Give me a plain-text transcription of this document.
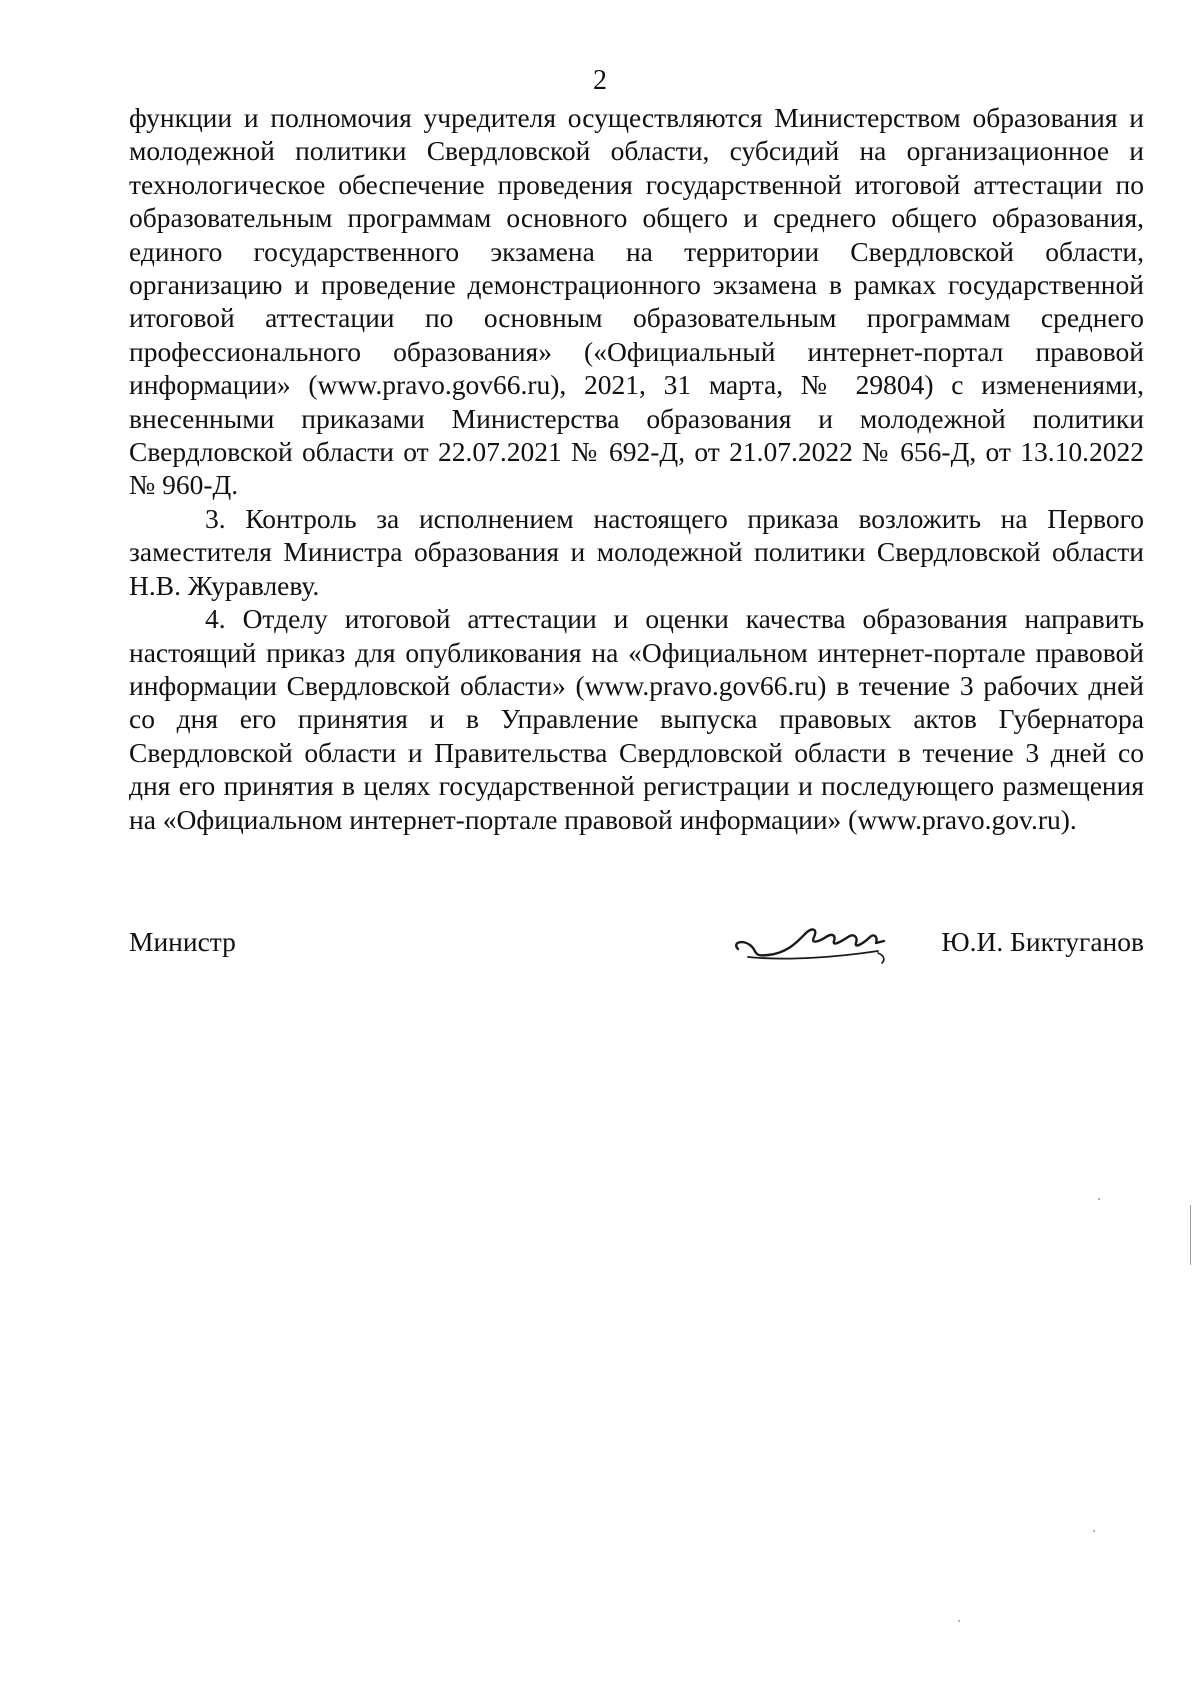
2

функции и полномочия учредителя осуществляются Министерством образования и молодежной политики Свердловской области, субсидий на организационное и технологическое обеспечение проведения государственной итоговой аттестации по образовательным программам основного общего и среднего общего образования, единого государственного экзамена на территории Свердловской области, организацию и проведение демонстрационного экзамена в рамках государственной итоговой аттестации по основным образовательным программам среднего профессионального образования» («Официальный интернет-портал правовой информации» (www.pravo.gov66.ru), 2021, 31 марта, № 29804) с изменениями, внесенными приказами Министерства образования и молодежной политики Свердловской области от 22.07.2021 № 692-Д, от 21.07.2022 № 656-Д, от 13.10.2022 № 960-Д.

3. Контроль за исполнением настоящего приказа возложить на Первого заместителя Министра образования и молодежной политики Свердловской области Н.В. Журавлеву.

4. Отделу итоговой аттестации и оценки качества образования направить настоящий приказ для опубликования на «Официальном интернет-портале правовой информации Свердловской области» (www.pravo.gov66.ru) в течение 3 рабочих дней со дня его принятия и в Управление выпуска правовых актов Губернатора Свердловской области и Правительства Свердловской области в течение 3 дней со дня его принятия в целях государственной регистрации и последующего размещения на «Официальном интернет-портале правовой информации» (www.pravo.gov.ru).

Министр	Ю.И. Биктуганов
